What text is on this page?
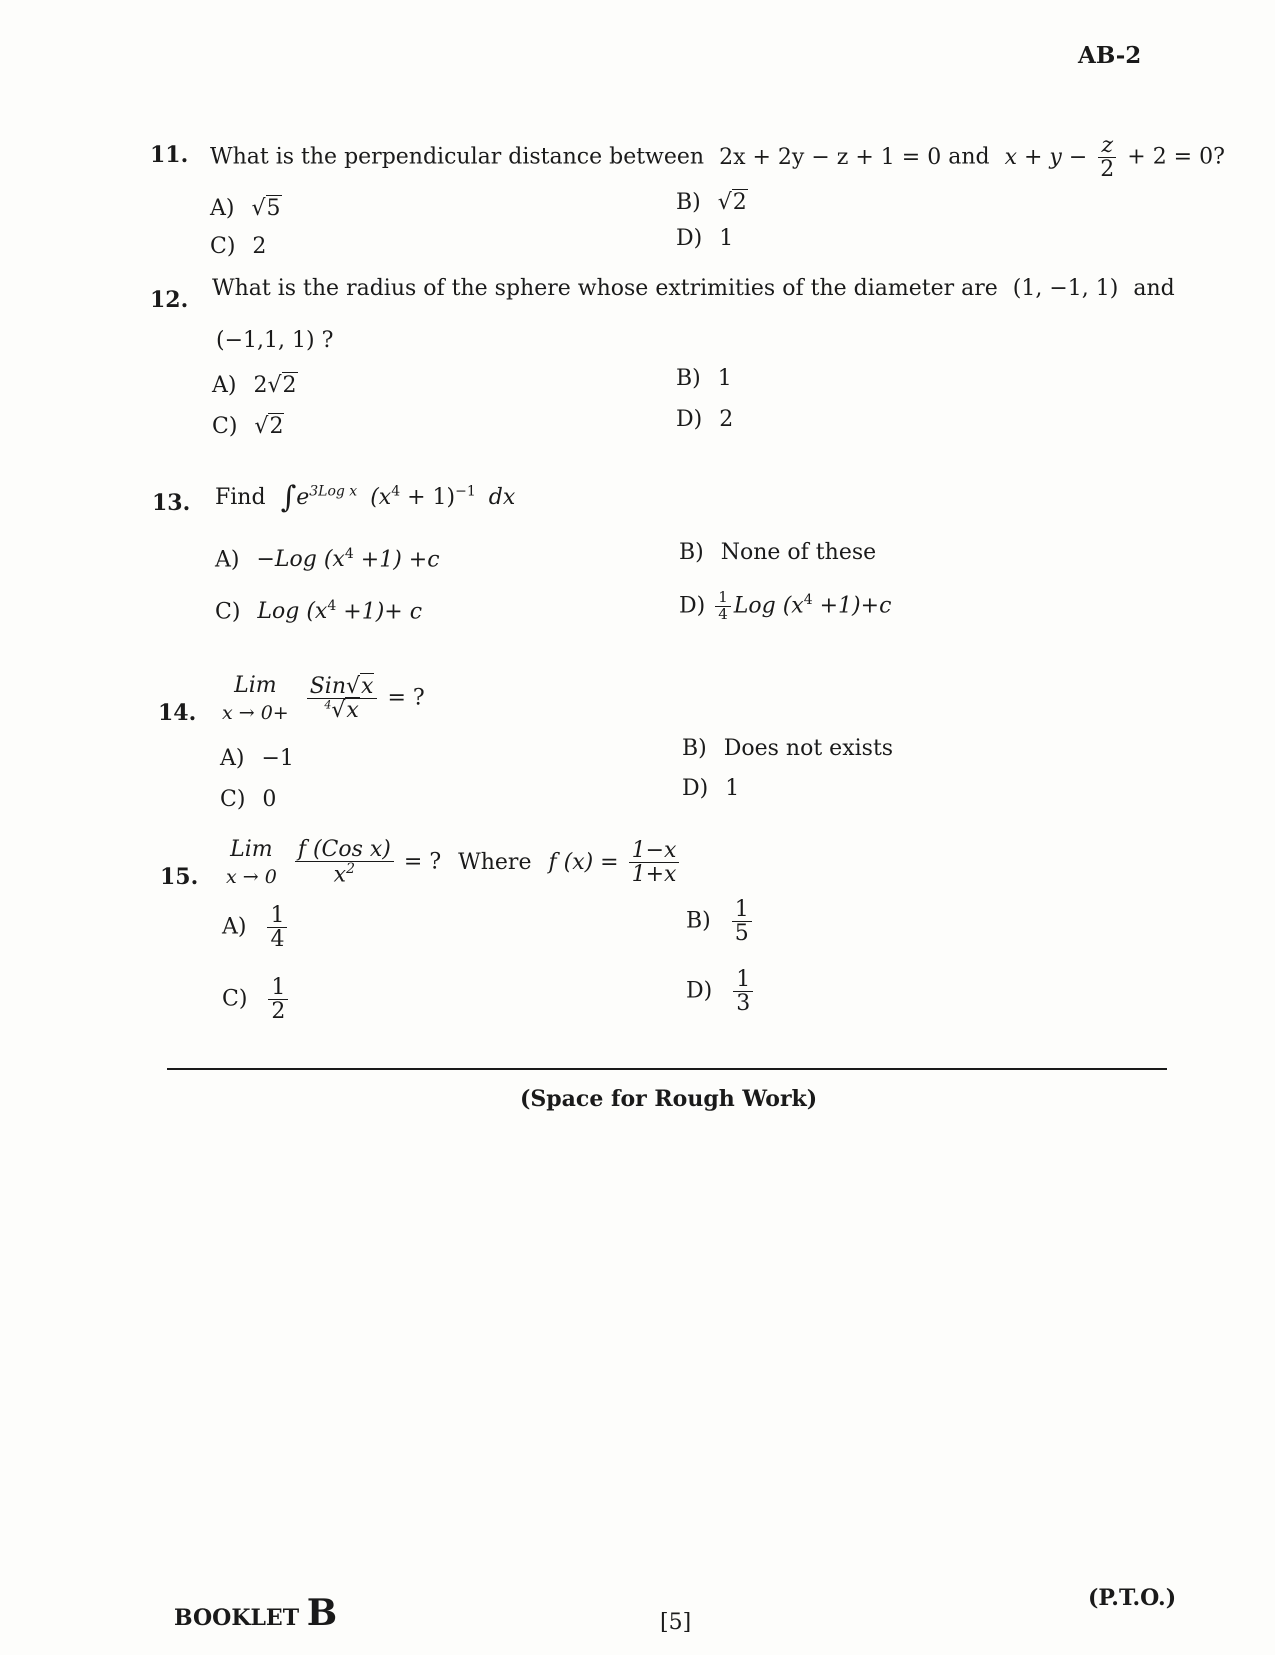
AB-2
11. What is the perpendicular distance between 2x + 2y − z + 1 = 0 and $x + y - \frac{z}{2} + 2 = 0$?
A) √5	B) √2
C) 2	D) 1
12. What is the radius of the sphere whose extrimities of the diameter are (1, −1, 1) and
(−1,1, 1) ?
A) 2√2	B) 1
C) √2	D) 2
13. Find $\int e^{3Log x}$ $(x^4 + 1)^{-1}$ dx
A) −Log $(x^4 +1) +c$	B) None of these
C) Log $(x^4 +1)+ c$	$D) \frac{1}{4}$ Log $(x^4 +1)+c$
14.
Lim
x → 0+
$\frac{\text{Sin√x}}{^4√x}$ = ?
A) −1	B) Does not exists
C) 0	D) 1
15.
Lim
x → 0
$\frac{\text{f (Cos x)}}{x^2}$ = ? Where f $(x) = \frac{1-x}{1+x}$
$A) \frac{1}{4}$	$B) \frac{1}{5}$
$C) \frac{1}{2}$	$D) \frac{1}{3}$
(Space for Rough Work)
BOOKLET B	[5]
(P.T.O.)
